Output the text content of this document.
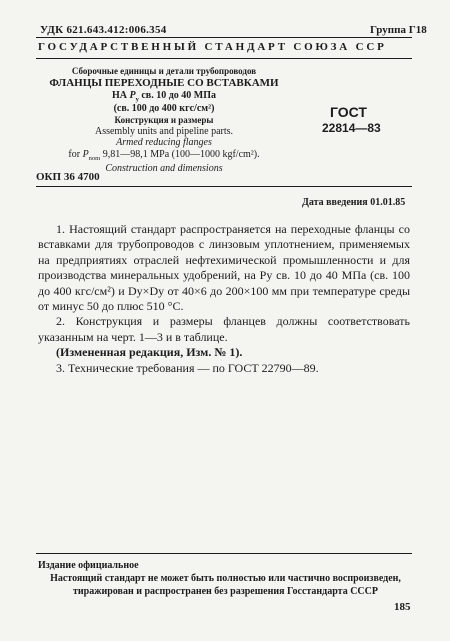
УДК 621.643.412:006.354	Группа Г18
ГОСУДАРСТВЕННЫЙ СТАНДАРТ СОЮЗА ССР
Сборочные единицы и детали трубопроводов
ФЛАНЦЫ ПЕРЕХОДНЫЕ СО ВСТАВКАМИ
НА $P_у$ св. 10 до 40 МПа
(св. 100 до 400 кгс/см²)
Конструкция и размеры
Assembly units and pipeline parts.
Armed reducing flanges
for $P_{nom}$ 9,81—98,1 MPa (100—1000 kgf/cm²).
Construction and dimensions
ГОСТ
22814—83
ОКП 36 4700
Дата введения 01.01.85

1. Настоящий стандарт распространяется на переходные фланцы со вставками для трубопроводов с линзовым уплотнением, применяемых на предприятиях отраслей нефтехимической промышленности и для производства минеральных удобрений, на Pу св. 10 до 40 МПа (св. 100 до 400 кгс/см²) и Dу×Dу от 40×6 до 200×100 мм при температуре среды от минус 50 до плюс 510 °С.

2. Конструкция и размеры фланцев должны соответствовать указанным на черт. 1—3 и в таблице.

(Измененная редакция, Изм. № 1).

3. Технические требования — по ГОСТ 22790—89.

Издание официальное
Настоящий стандарт не может быть полностью или частично воспроизведен,
тиражирован и распространен без разрешения Госстандарта СССР
185
